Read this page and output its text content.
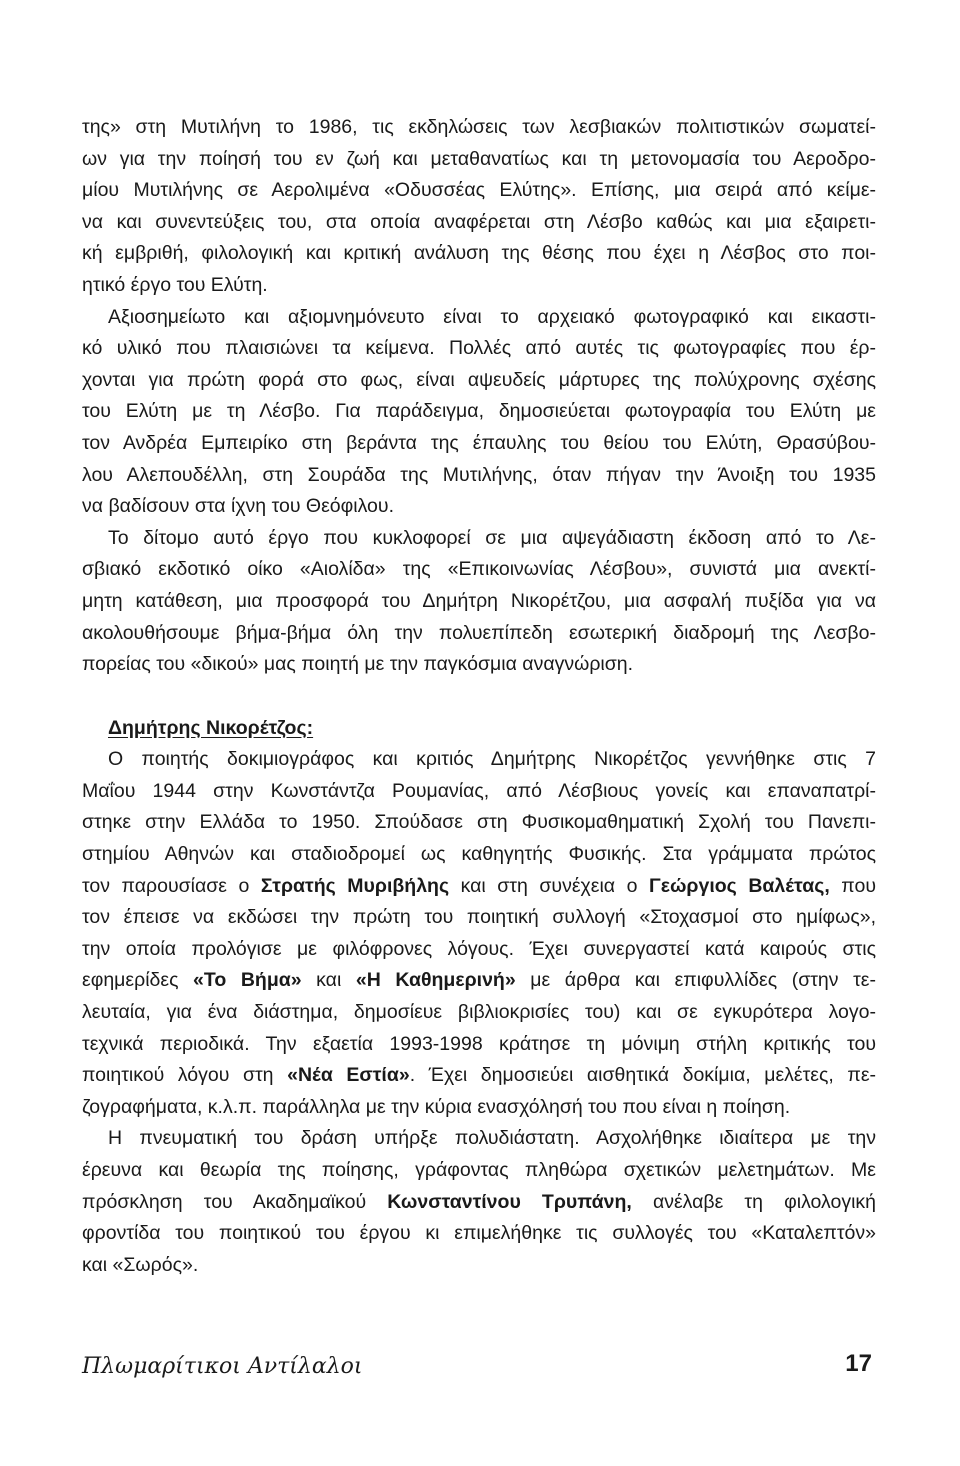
της» στη Μυτιλήνη το 1986, τις εκδηλώσεις των λεσβιακών πολιτιστικών σωματεί-
ων για την ποίησή του εν ζωή και μεταθανατίως και τη μετονομασία του Αεροδρο-
μίου Μυτιλήνης σε Αερολιμένα «Οδυσσέας Ελύτης». Επίσης, μια σειρά από κείμε-
να και συνεντεύξεις του, στα οποία αναφέρεται στη Λέσβο καθώς και μια εξαιρετι-
κή εμβριθή, φιλολογική και κριτική ανάλυση της θέσης που έχει η Λέσβος στο ποι-
ητικό έργο του Ελύτη.
Αξιοσημείωτο και αξιομνημόνευτο είναι το αρχειακό φωτογραφικό και εικαστι-
κό υλικό που πλαισιώνει τα κείμενα. Πολλές από αυτές τις φωτογραφίες που έρ-
χονται για πρώτη φορά στο φως, είναι αψευδείς μάρτυρες της πολύχρονης σχέσης
του Ελύτη με τη Λέσβο. Για παράδειγμα, δημοσιεύεται φωτογραφία του Ελύτη με
τον Ανδρέα Εμπειρίκο στη βεράντα της έπαυλης του θείου του Ελύτη, Θρασύβου-
λου Αλεπουδέλλη, στη Σουράδα της Μυτιλήνης, όταν πήγαν την Άνοιξη του 1935
να βαδίσουν στα ίχνη του Θεόφιλου.
Το δίτομο αυτό έργο που κυκλοφορεί σε μια αψεγάδιαστη έκδοση από το Λε-
σβιακό εκδοτικό οίκο «Αιολίδα» της «Επικοινωνίας Λέσβου», συνιστά μια ανεκτί-
μητη κατάθεση, μια προσφορά του Δημήτρη Νικορέτζου, μια ασφαλή πυξίδα για να
ακολουθήσουμε βήμα-βήμα όλη την πολυεπίπεδη εσωτερική διαδρομή της Λεσβο-
πορείας του «δικού» μας ποιητή με την παγκόσμια αναγνώριση.
Δημήτρης Νικορέτζος:
Ο ποιητής δοκιμιογράφος και κριτιός Δημήτρης Νικορέτζος γεννήθηκε στις 7
Μαΐου 1944 στην Κωνστάντζα Ρουμανίας, από Λέσβιους γονείς και επαναπατρί-
στηκε στην Ελλάδα το 1950. Σπούδασε στη Φυσικομαθηματική Σχολή του Πανεπι-
στημίου Αθηνών και σταδιοδρομεί ως καθηγητής Φυσικής. Στα γράμματα πρώτος
τον παρουσίασε ο Στρατής Μυριβήλης και στη συνέχεια ο Γεώργιος Βαλέτας, που
τον έπεισε να εκδώσει την πρώτη του ποιητική συλλογή «Στοχασμοί στο ημίφως»,
την οποία προλόγισε με φιλόφρονες λόγους. Έχει συνεργαστεί κατά καιρούς στις
εφημερίδες «Το Βήμα» και «Η Καθημερινή» με άρθρα και επιφυλλίδες (στην τε-
λευταία, για ένα διάστημα, δημοσίευε βιβλιοκρισίες του) και σε εγκυρότερα λογο-
τεχνικά περιοδικά. Την εξαετία 1993-1998 κράτησε τη μόνιμη στήλη κριτικής του
ποιητικού λόγου στη «Νέα Εστία». Έχει δημοσιεύει αισθητικά δοκίμια, μελέτες, πε-
ζογραφήματα, κ.λ.π. παράλληλα με την κύρια ενασχόλησή του που είναι η ποίηση.
Η πνευματική του δράση υπήρξε πολυδιάστατη. Ασχολήθηκε ιδιαίτερα με την
έρευνα και θεωρία της ποίησης, γράφοντας πληθώρα σχετικών μελετημάτων. Με
πρόσκληση του Ακαδημαϊκού Κωνσταντίνου Τρυπάνη, ανέλαβε τη φιλολογική
φροντίδα του ποιητικού του έργου κι επιμελήθηκε τις συλλογές του «Καταλεπτόν»
και «Σωρός».
Πλωμαρίτικοι Αντίλαλοι	17
